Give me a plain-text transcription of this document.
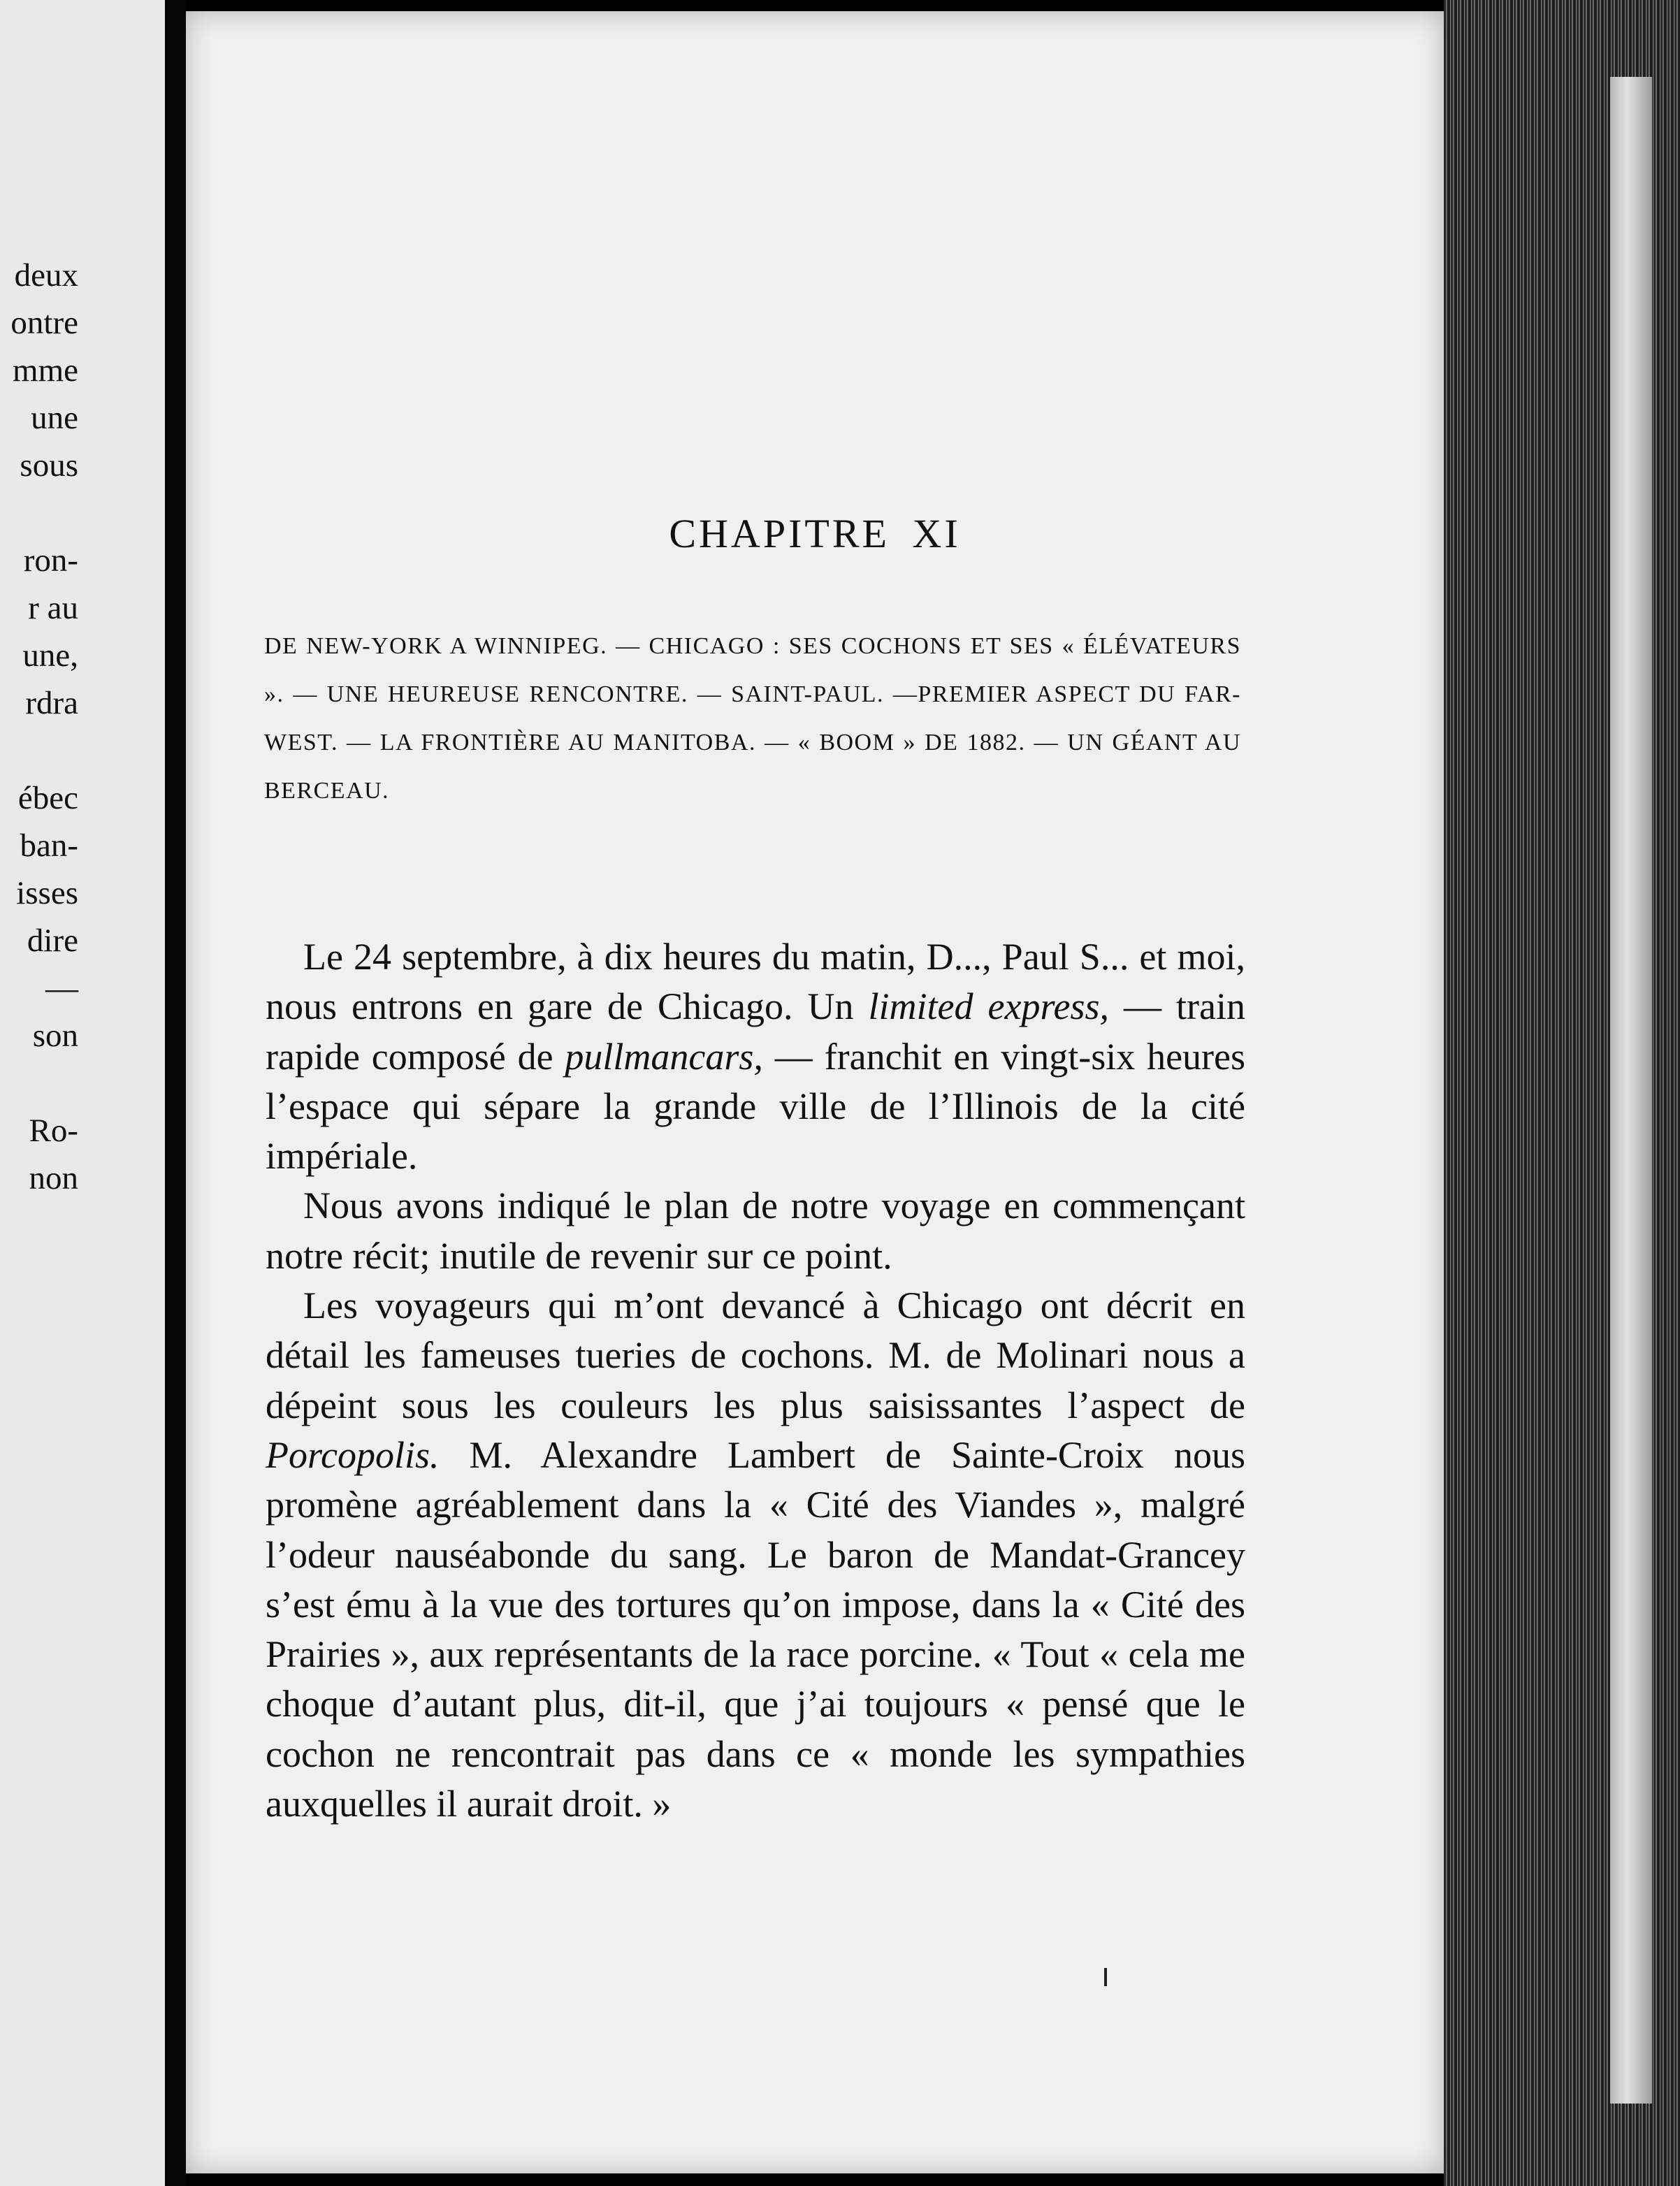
deux
ontre
mme
une
sous

ron-
r au
une,
rdra

ébec
ban-
isses
dire
—
son

Ro-
non
CHAPITRE XI
DE NEW-YORK A WINNIPEG. — CHICAGO : SES COCHONS ET SES « ÉLÉVATEURS ». — UNE HEUREUSE RENCONTRE. — SAINT-PAUL. —PREMIER ASPECT DU FAR-WEST. — LA FRONTIÈRE AU MANITOBA. — « BOOM » DE 1882. — UN GÉANT AU BERCEAU.

Le 24 septembre, à dix heures du matin, D..., Paul S... et moi, nous entrons en gare de Chicago. Un limited express, — train rapide composé de pullmancars, — franchit en vingt-six heures l’espace qui sépare la grande ville de l’Illinois de la cité impériale.

Nous avons indiqué le plan de notre voyage en commençant notre récit; inutile de revenir sur ce point.

Les voyageurs qui m’ont devancé à Chicago ont décrit en détail les fameuses tueries de cochons. M. de Molinari nous a dépeint sous les couleurs les plus saisissantes l’aspect de Porcopolis. M. Alexandre Lambert de Sainte-Croix nous promène agréablement dans la « Cité des Viandes », malgré l’odeur nauséabonde du sang. Le baron de Mandat-Grancey s’est ému à la vue des tortures qu’on impose, dans la « Cité des Prairies », aux représentants de la race porcine. « Tout « cela me choque d’autant plus, dit-il, que j’ai toujours « pensé que le cochon ne rencontrait pas dans ce « monde les sympathies auxquelles il aurait droit. »
